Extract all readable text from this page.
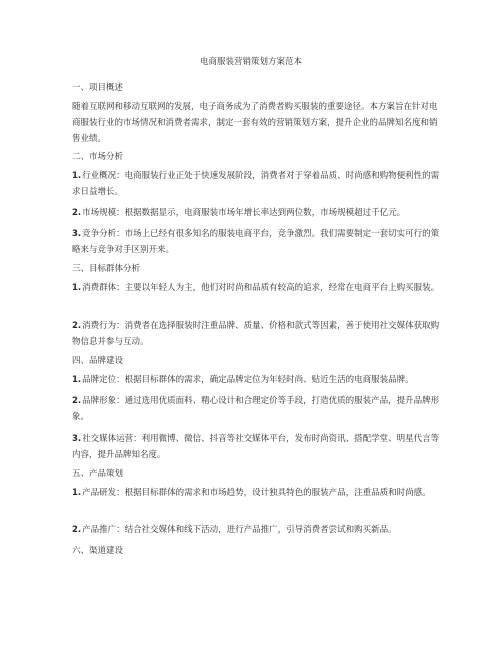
电商服装营销策划方案范本
一、项目概述
随着互联网和移动互联网的发展，电子商务成为了消费者购买服装的重要途径。本方案旨在针对电商服装行业的市场情况和消费者需求，制定一套有效的营销策划方案，提升企业的品牌知名度和销售业绩。
二、市场分析
1.行业概况：电商服装行业正处于快速发展阶段，消费者对于穿着品质、时尚感和购物便利性的需求日益增长。
2.市场规模：根据数据显示，电商服装市场年增长率达到两位数，市场规模超过千亿元。
3.竞争分析：市场上已经有很多知名的服装电商平台，竞争激烈。我们需要制定一套切实可行的策略来与竞争对手区别开来。
三、目标群体分析
1.消费群体：主要以年轻人为主，他们对时尚和品质有较高的追求，经常在电商平台上购买服装。
2.消费行为：消费者在选择服装时注重品牌、质量、价格和款式等因素，善于使用社交媒体获取购物信息并参与互动。
四、品牌建设
1.品牌定位：根据目标群体的需求，确定品牌定位为年轻时尚、贴近生活的电商服装品牌。
2.品牌形象：通过选用优质面料、精心设计和合理定价等手段，打造优质的服装产品，提升品牌形象。
3.社交媒体运营：利用微博、微信、抖音等社交媒体平台，发布时尚资讯、搭配学堂、明星代言等内容，提升品牌知名度。
五、产品策划
1.产品研发：根据目标群体的需求和市场趋势，设计独具特色的服装产品，注重品质和时尚感。
2.产品推广：结合社交媒体和线下活动，进行产品推广，引导消费者尝试和购买新品。
六、渠道建设
